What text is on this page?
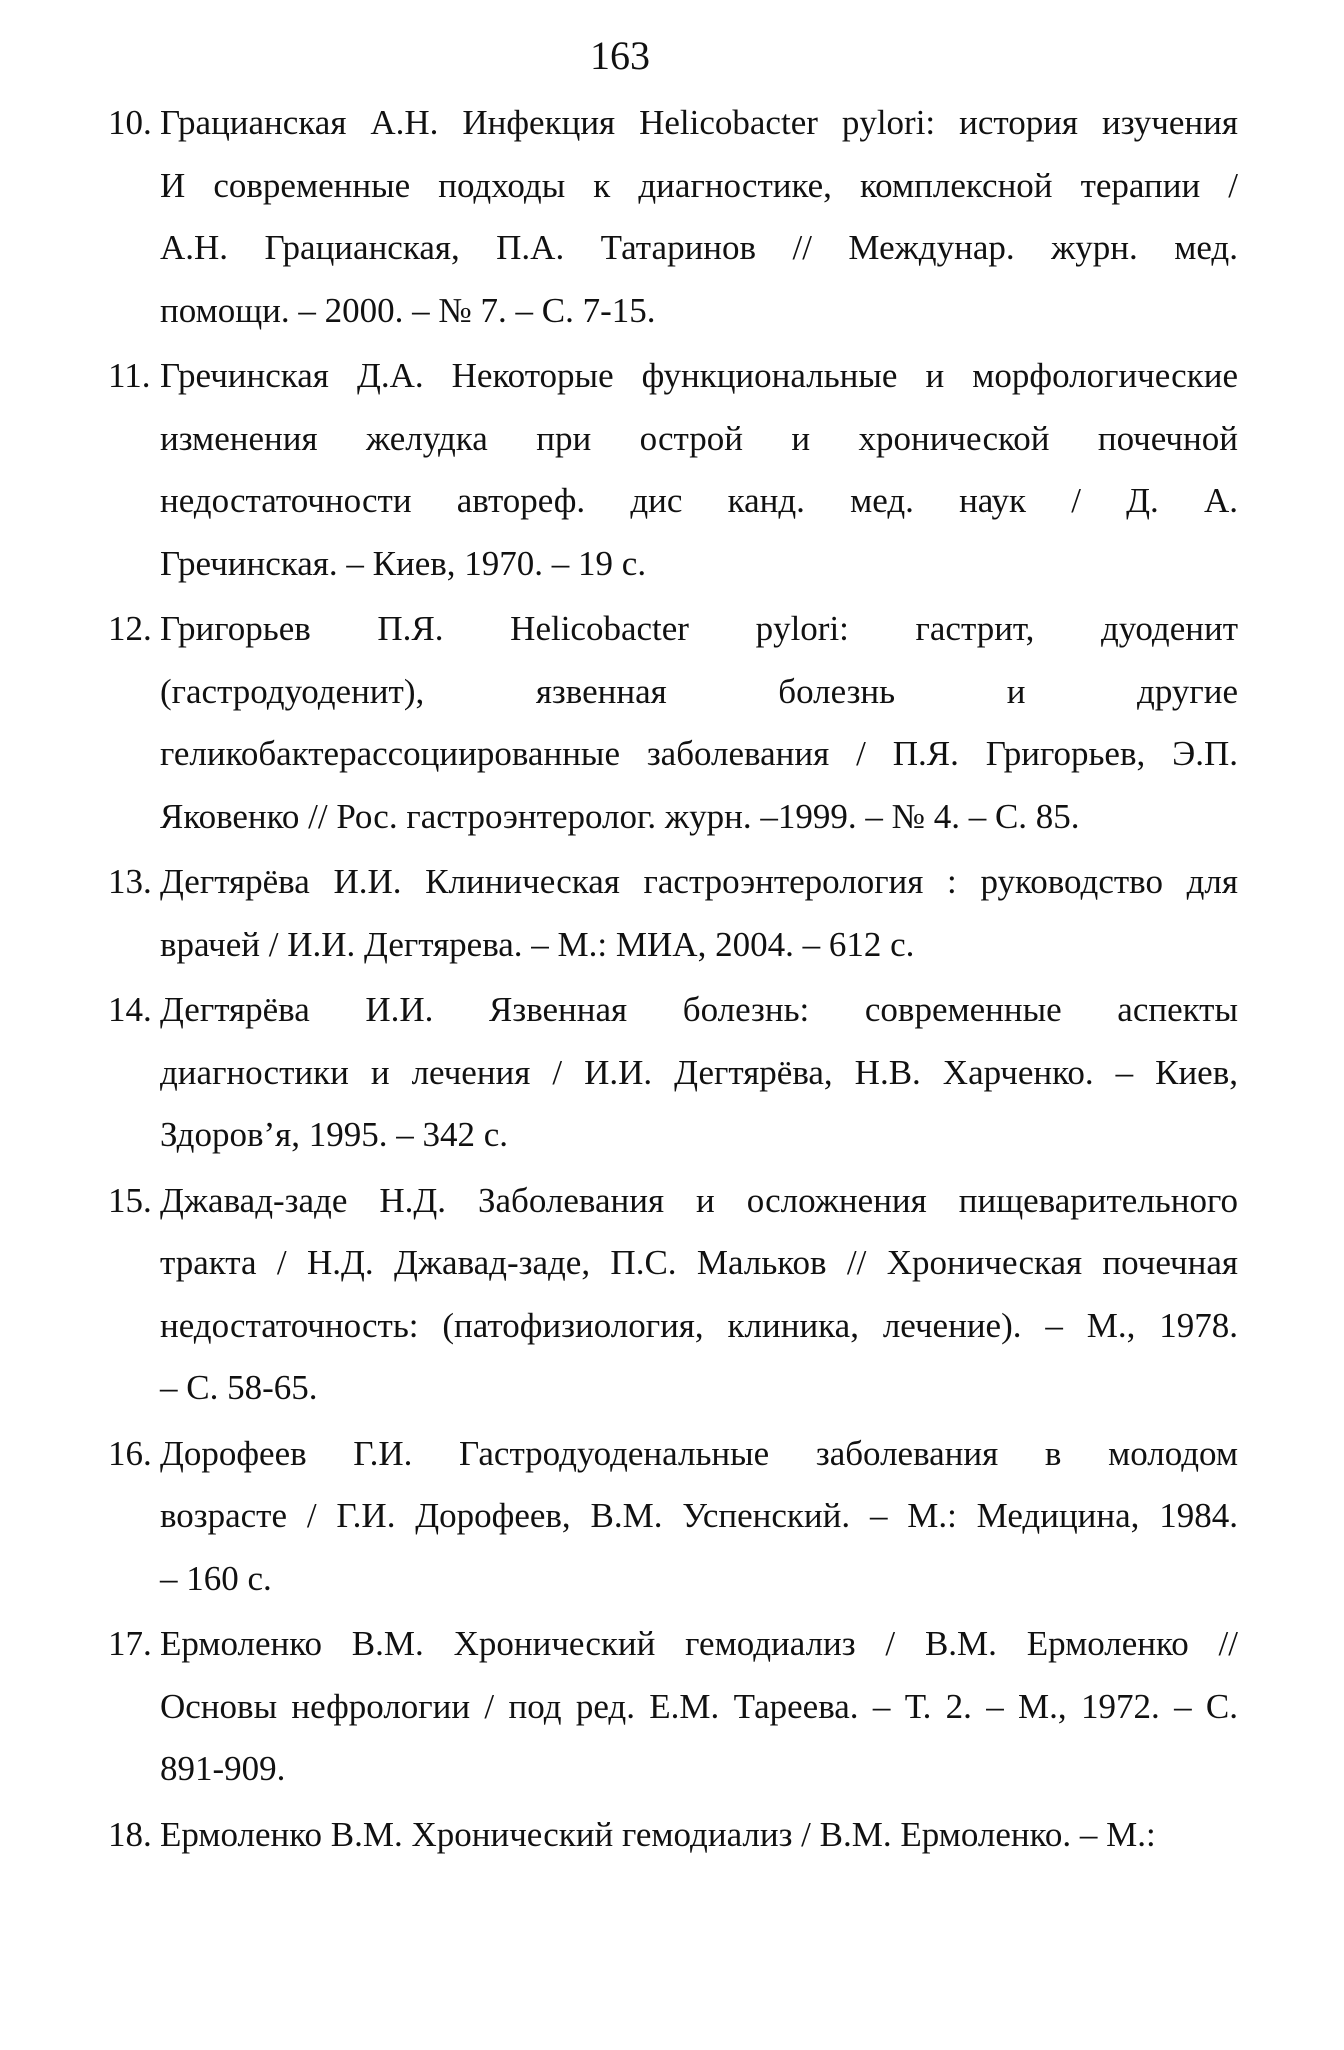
163
10. Грацианская А.Н. Инфекция Helicobacter pylori: история изучения
И современные подходы к диагностике, комплексной терапии /
А.Н. Грацианская, П.А. Татаринов // Междунар. журн. мед.
помощи. – 2000. – № 7. – С. 7-15.
11. Гречинская Д.А. Некоторые функциональные и морфологические
изменения желудка при острой и хронической почечной
недостаточности автореф. дис канд. мед. наук / Д. А.
Гречинская. – Киев, 1970. – 19 с.
12. Григорьев П.Я. Helicobacter pylori: гастрит, дуоденит
(гастродуоденит), язвенная болезнь и другие
геликобактерассоциированные заболевания / П.Я. Григорьев, Э.П.
Яковенко // Рос. гастроэнтеролог. журн. –1999. – № 4. – С. 85.
13. Дегтярёва И.И. Клиническая гастроэнтерология : руководство для
врачей / И.И. Дегтярева. – М.: МИА, 2004. – 612 с.
14. Дегтярёва И.И. Язвенная болезнь: современные аспекты
диагностики и лечения / И.И. Дегтярёва, Н.В. Харченко. – Киев,
Здоров’я, 1995. – 342 с.
15. Джавад-заде Н.Д. Заболевания и осложнения пищеварительного
тракта / Н.Д. Джавад-заде, П.С. Мальков // Хроническая почечная
недостаточность: (патофизиология, клиника, лечение). – М., 1978.
– С. 58-65.
16. Дорофеев Г.И. Гастродуоденальные заболевания в молодом
возрасте / Г.И. Дорофеев, В.М. Успенский. – М.: Медицина, 1984.
– 160 с.
17. Ермоленко В.М. Хронический гемодиализ / В.М. Ермоленко //
Основы нефрологии / под ред. Е.М. Тареева. – Т. 2. – М., 1972. – С.
891-909.
18. Ермоленко В.М. Хронический гемодиализ / В.М. Ермоленко. – М.:
